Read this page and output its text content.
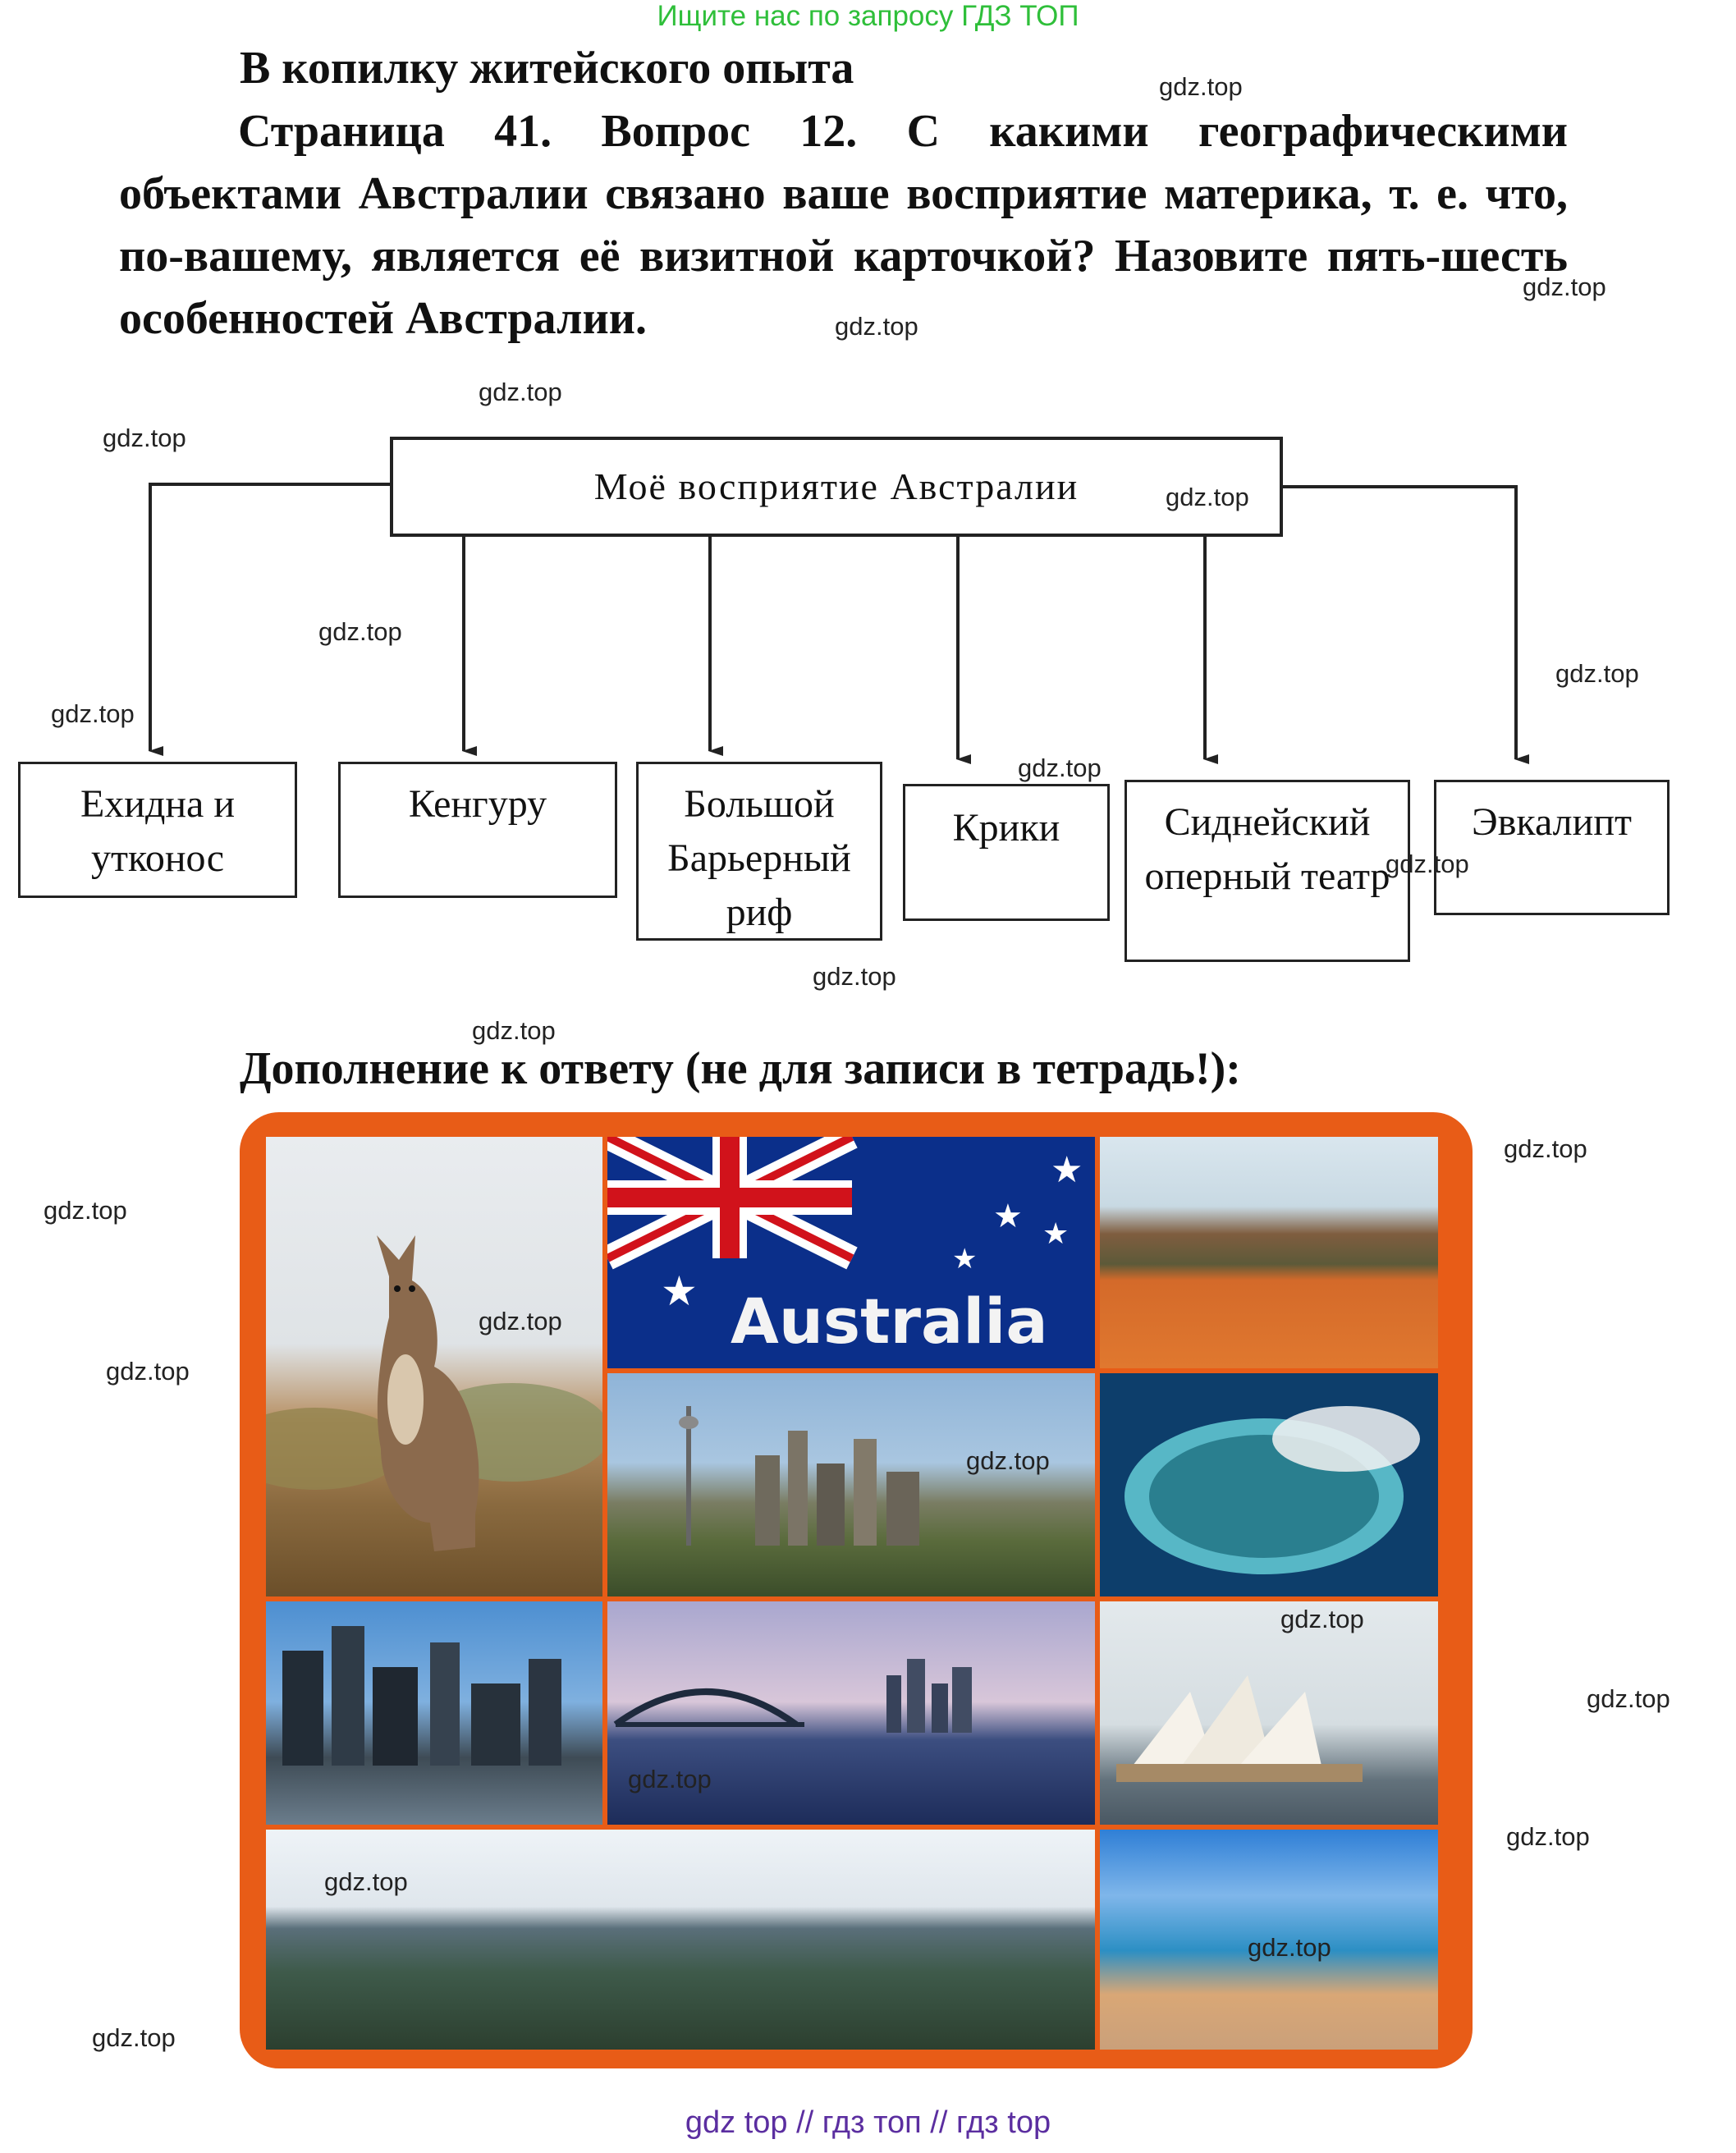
Ищите нас по запросу ГДЗ ТОП
В копилку житейского опыта
Страница 41. Вопрос 12. С какими географическими объектами Австралии связано ваше восприятие материка, т. е. что, по-вашему, является её визитной карточкой? Назовите пять-шесть особенностей Австралии.
Моё восприятие Австралии
Ехидна и утконос
Кенгуру	Большой Барьерный риф
Крики	Сиднейский оперный театр
Эвкалипт
Дополнение к ответу (не для записи в тетрадь!):
★
★ ★
★
★
Australia
gdz.top
gdz.top
gdz.top
gdz.top
gdz.top
gdz.top
gdz.top
gdz.top
gdz.top
gdz.top
gdz.top
gdz.top
gdz.top
gdz.top
gdz.top
gdz.top
gdz.top
gdz.top
gdz.top
gdz.top
gdz.top
gdz.top
gdz.top
gdz.top
gdz.top
gdz top // гдз топ // гдз top
